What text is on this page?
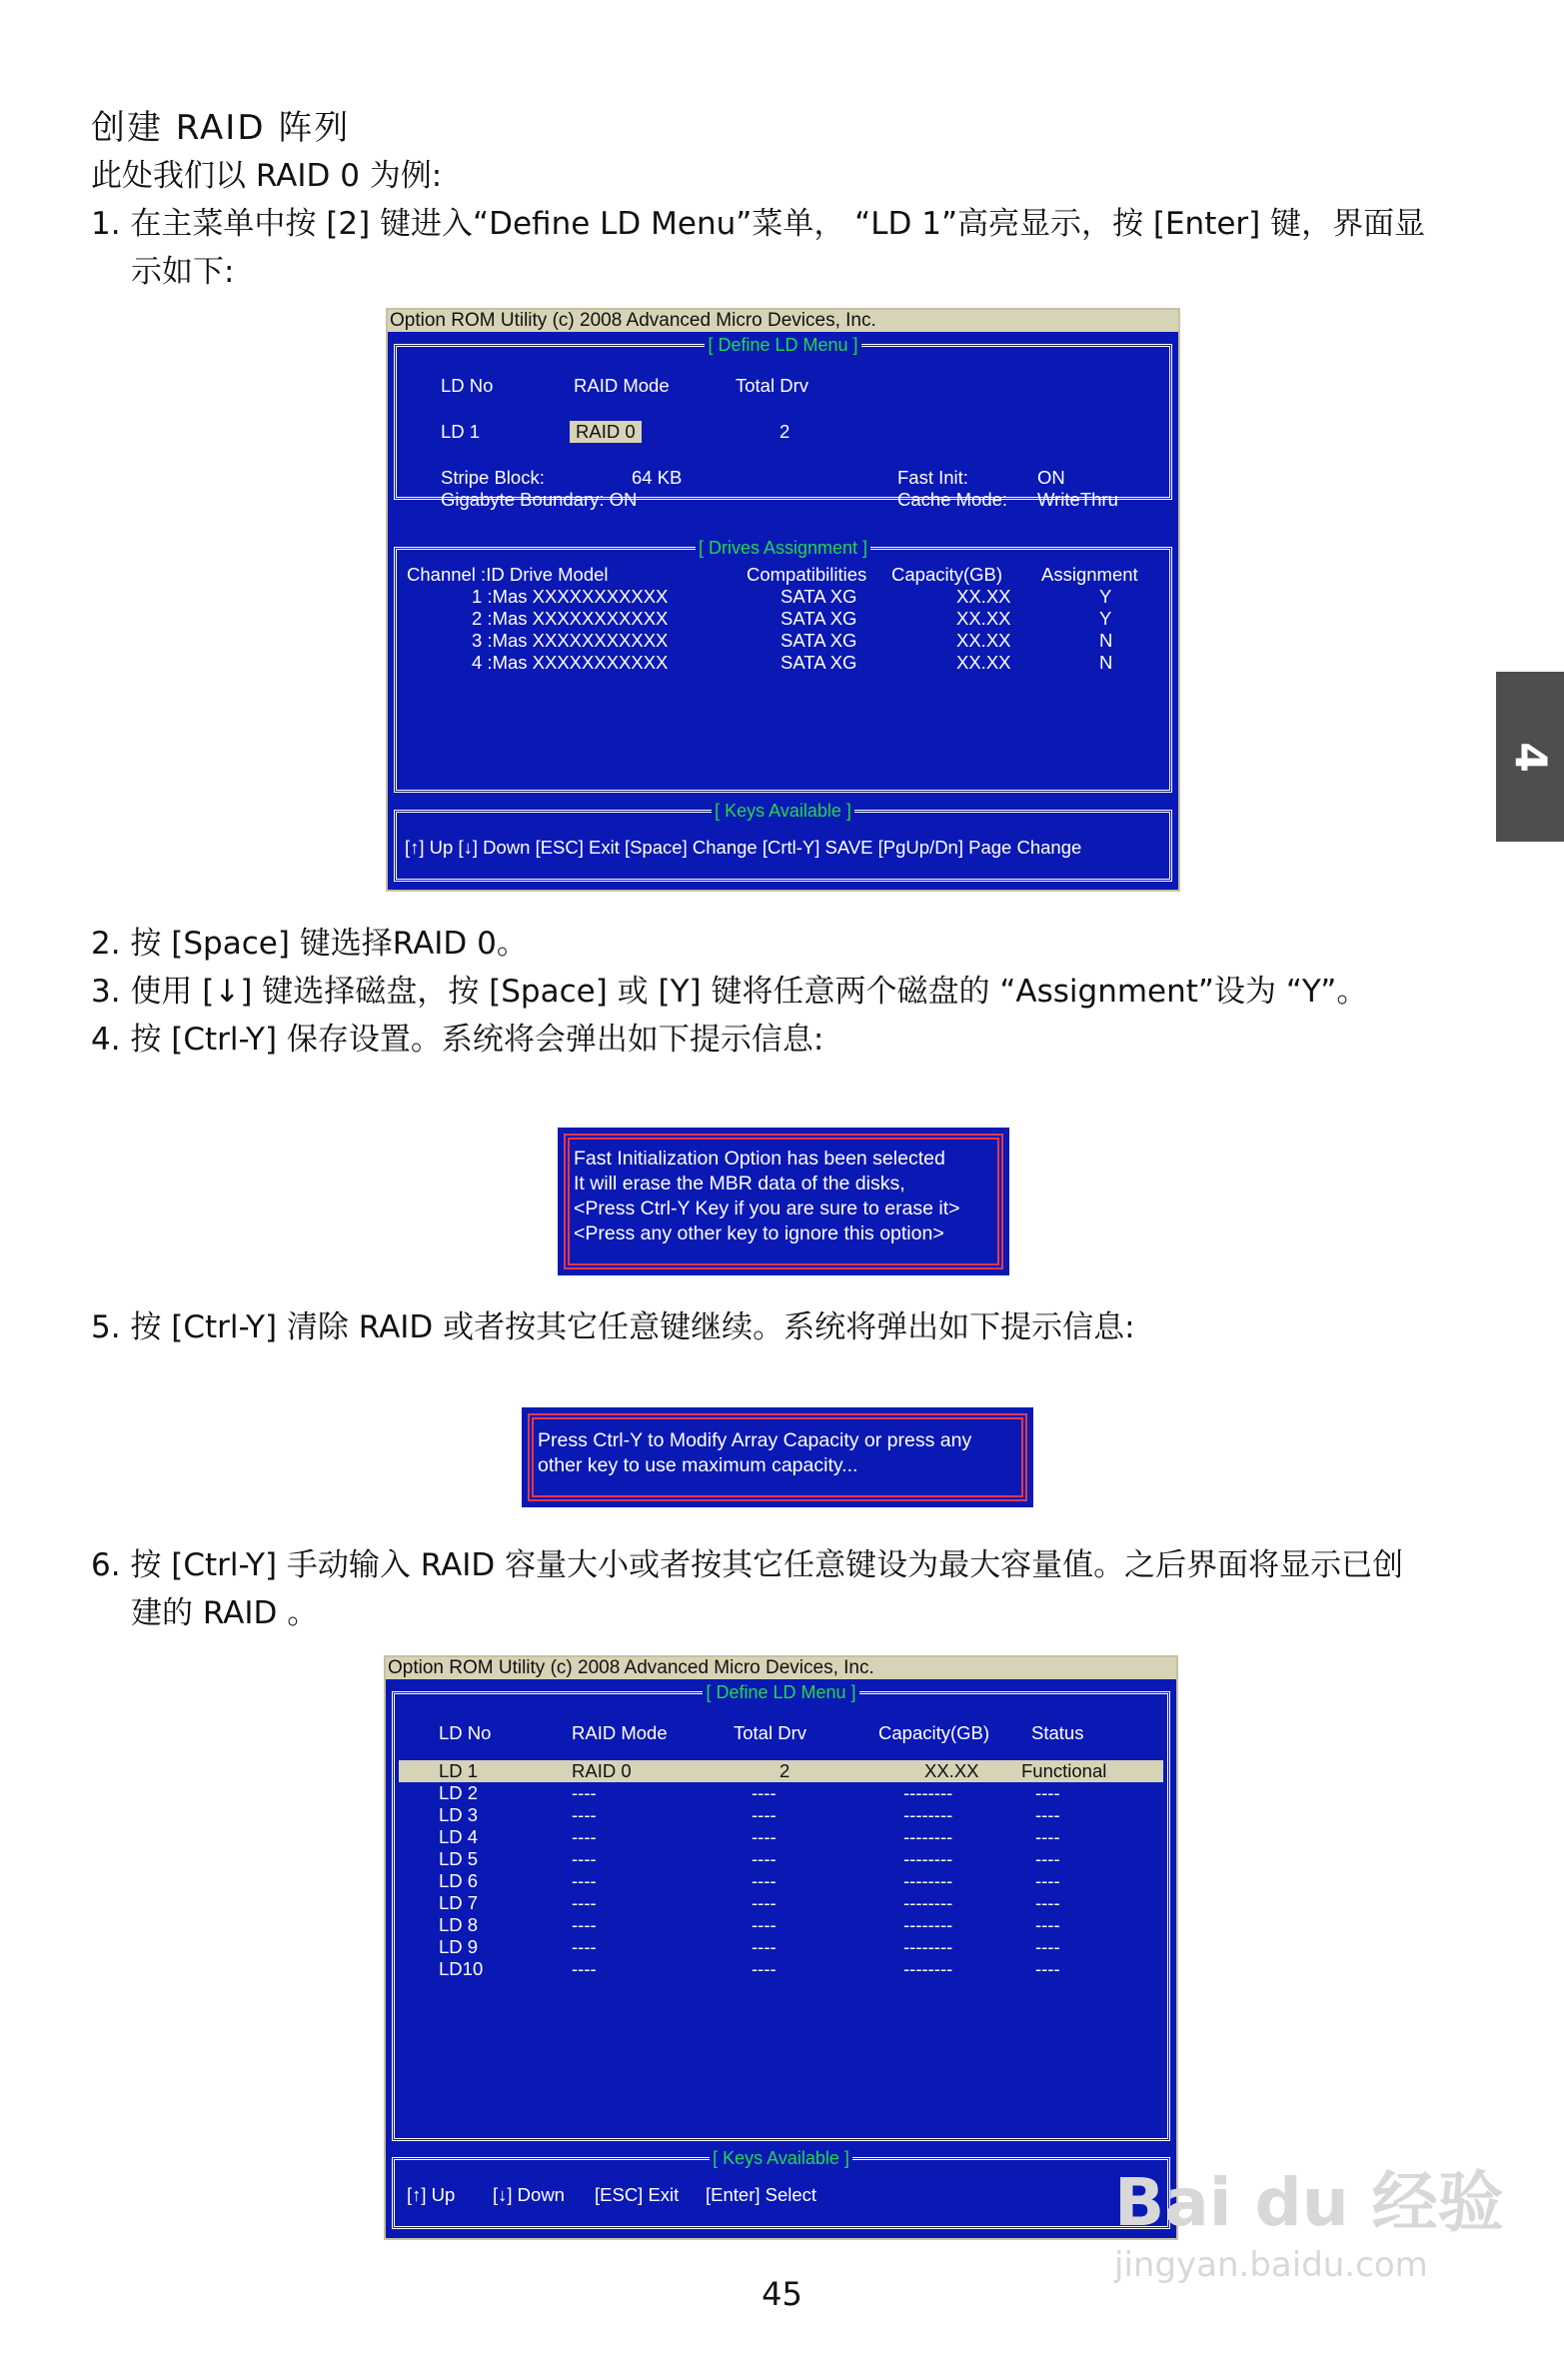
创建 RAID 阵列
此处我们以 RAID 0 为例:
1. 在主菜单中按 [2] 键进入“Define LD Menu”菜单， “LD 1”高亮显示，按 [Enter] 键，界面显
示如下:
Option ROM Utility (c) 2008 Advanced Micro Devices, Inc.
[ Define LD Menu ]
LD No	RAID Mode	Total Drv
LD 1	RAID 0	2
Stripe Block:	64 KB
Gigabyte Boundary: ON
Fast Init:	ON
Cache Mode: WriteThru
[ Drives Assignment ]
Channel :ID Drive Model	Compatibilities Capacity(GB) Assignment
1 :Mas XXXXXXXXXXX	SATA XG	XX.XX	Y
2 :Mas XXXXXXXXXXX	SATA XG	XX.XX	Y
3 :Mas XXXXXXXXXXX	SATA XG	XX.XX	N
4 :Mas XXXXXXXXXXX	SATA XG	XX.XX	N
[ Keys Available ]
[↑] Up [↓] Down [ESC] Exit [Space] Change [Crtl-Y] SAVE [PgUp/Dn] Page Change
2. 按 [Space] 键选择RAID 0。
3. 使用 [↓] 键选择磁盘，按 [Space] 或 [Y] 键将任意两个磁盘的 “Assignment”设为 “Y”。
4. 按 [Ctrl-Y] 保存设置。系统将会弹出如下提示信息:
Fast Initialization Option has been selected
It will erase the MBR data of the disks,
<Press Ctrl-Y Key if you are sure to erase it>
<Press any other key to ignore this option>
5. 按 [Ctrl-Y] 清除 RAID 或者按其它任意键继续。系统将弹出如下提示信息:
Press Ctrl-Y to Modify Array Capacity or press any
other key to use maximum capacity...
6. 按 [Ctrl-Y] 手动输入 RAID 容量大小或者按其它任意键设为最大容量值。之后界面将显示已创
建的 RAID 。
Option ROM Utility (c) 2008 Advanced Micro Devices, Inc.
[ Define LD Menu ]
LD No	RAID Mode	Total Drv	Capacity(GB) Status
LD 1	RAID 0	2	XX.XX Functional
LD 2	----	----	--------	----
LD 3	----	----	--------	----
LD 4	----	----	--------	----
LD 5	----	----	--------	----
LD 6	----	----	--------	----
LD 7	----	----	--------	----
LD 8	----	----	--------	----
LD 9	----	----	--------	----
LD10	----	----	--------	----
[ Keys Available ]
[↑] Up [↓] Down [ESC] Exit [Enter] Select
4
45
Bai du 经验
jingyan.baidu.com
